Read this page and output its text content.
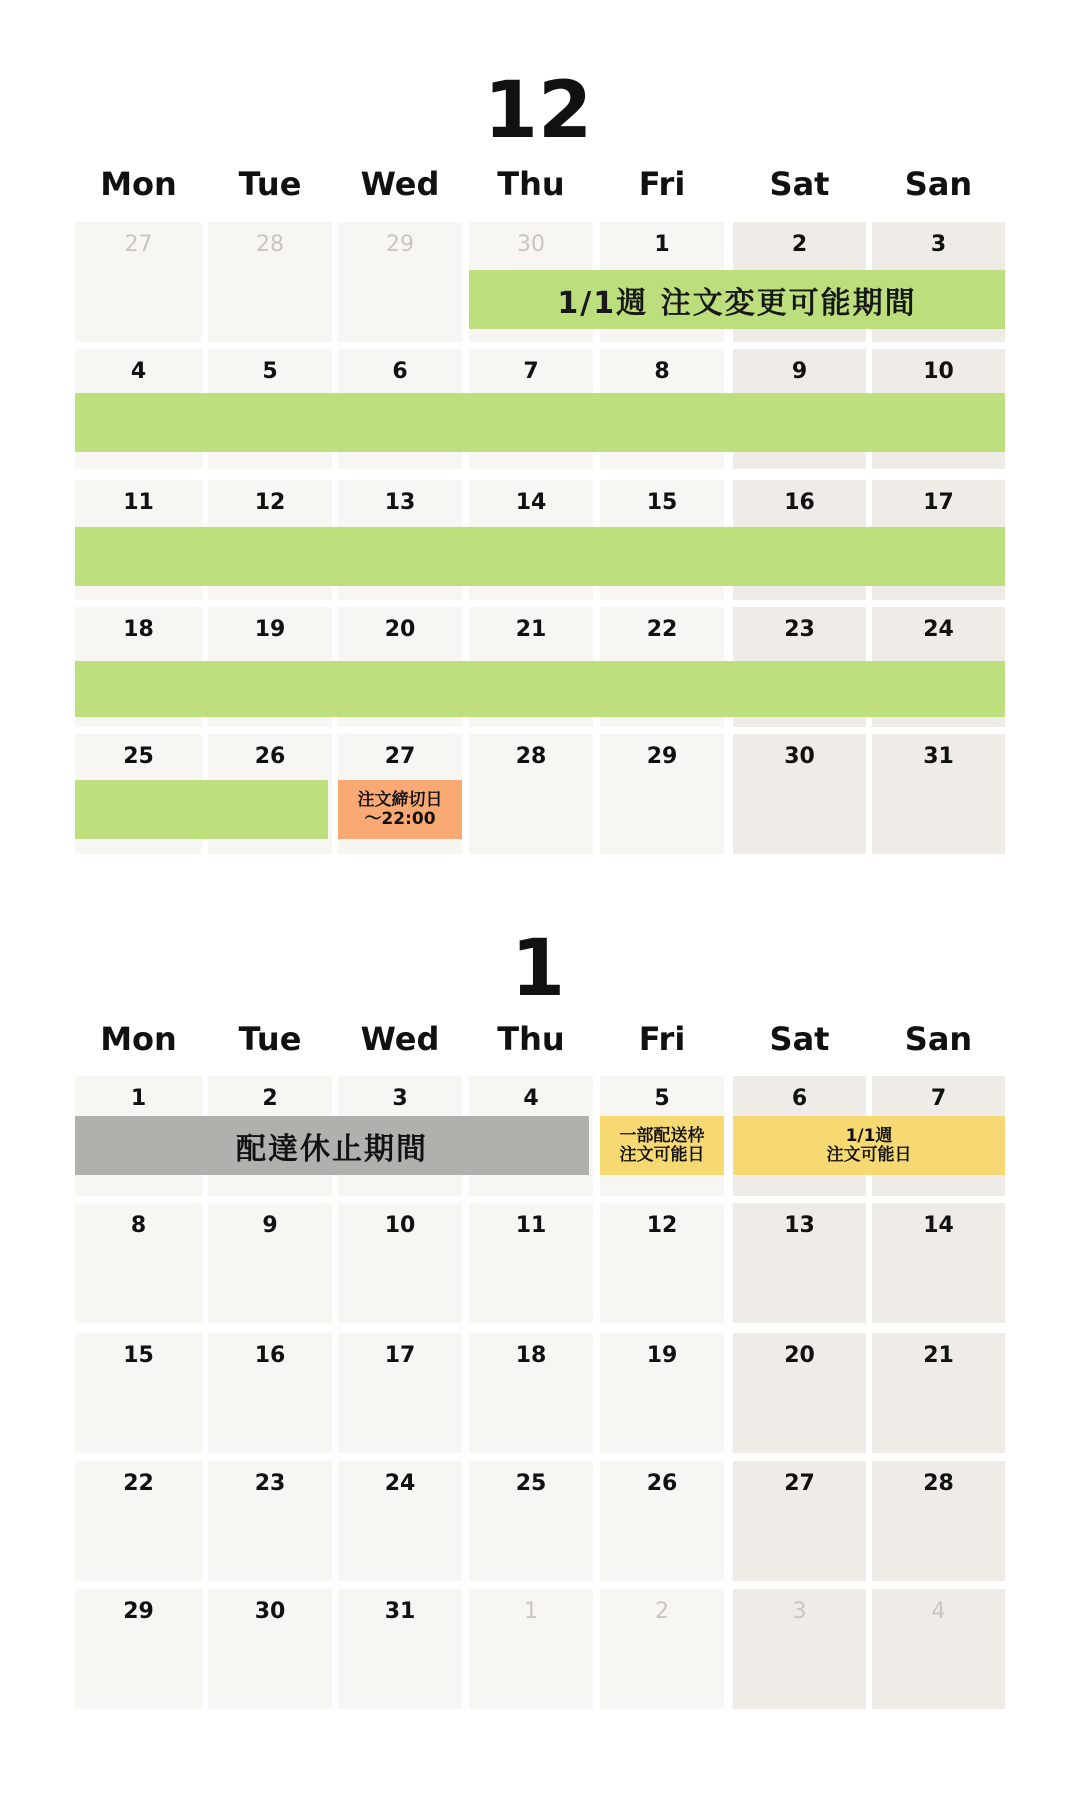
12
Mon	Tue	Wed	Thu	Fri	Sat	San
27	28	29	30	1	2	3
4	5	6	7	8	9	10
11	12	13	14	15	16	17
18	19	20	21	22	23	24
25	26	27	28	29	30	31
1/1週 注文変更可能期間
注文締切日
〜22:00
1
Mon	Tue	Wed	Thu	Fri	Sat	San
1	2	3	4	5	6	7
8	9	10	11	12	13	14
15	16	17	18	19	20	21
22	23	24	25	26	27	28
29	30	31	1	2	3	4
配達休止期間	一部配送枠
注文可能日
1/1週
注文可能日
